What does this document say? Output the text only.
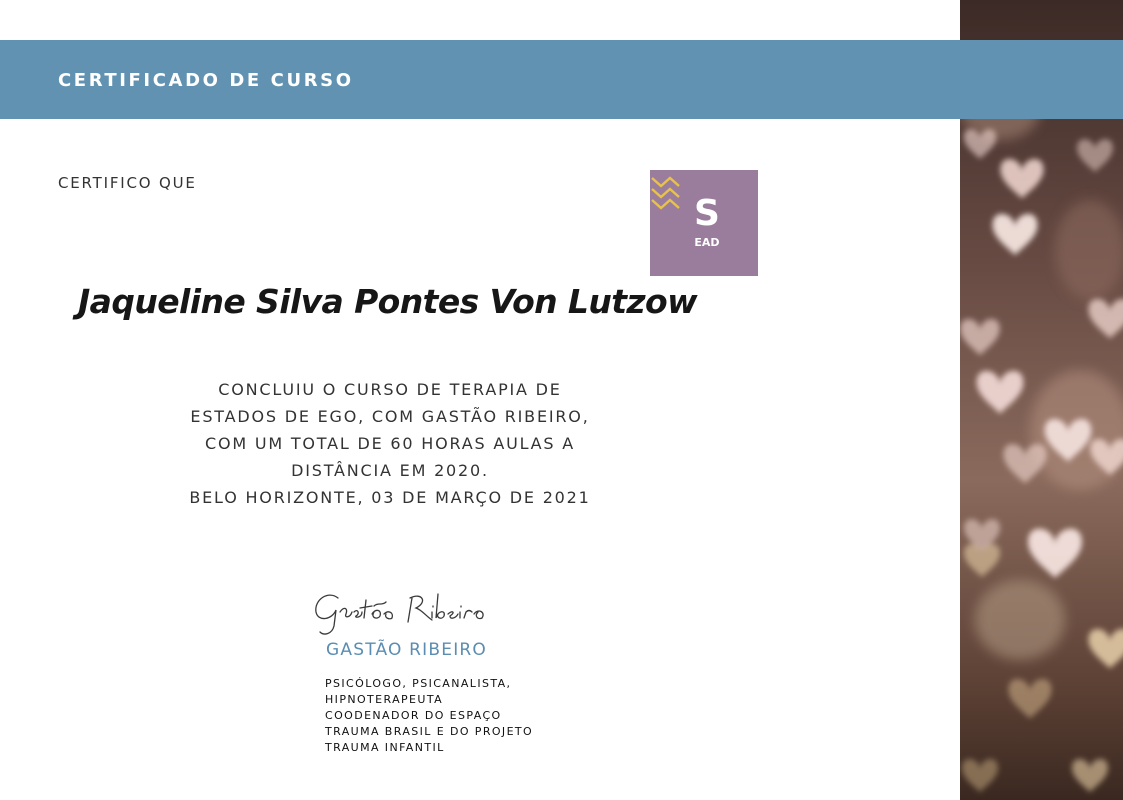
CERTIFICADO DE CURSO
CERTIFICO QUE
S
EAD
Jaqueline Silva Pontes Von Lutzow
CONCLUIU O CURSO DE TERAPIA DE
ESTADOS DE EGO, COM GASTÃO RIBEIRO,
COM UM TOTAL DE 60 HORAS AULAS A
DISTÂNCIA EM 2020.
BELO HORIZONTE, 03 DE MARÇO DE 2021
GASTÃO RIBEIRO
PSICÓLOGO, PSICANALISTA,
HIPNOTERAPEUTA
COODENADOR DO ESPAÇO
TRAUMA BRASIL E DO PROJETO
TRAUMA INFANTIL
